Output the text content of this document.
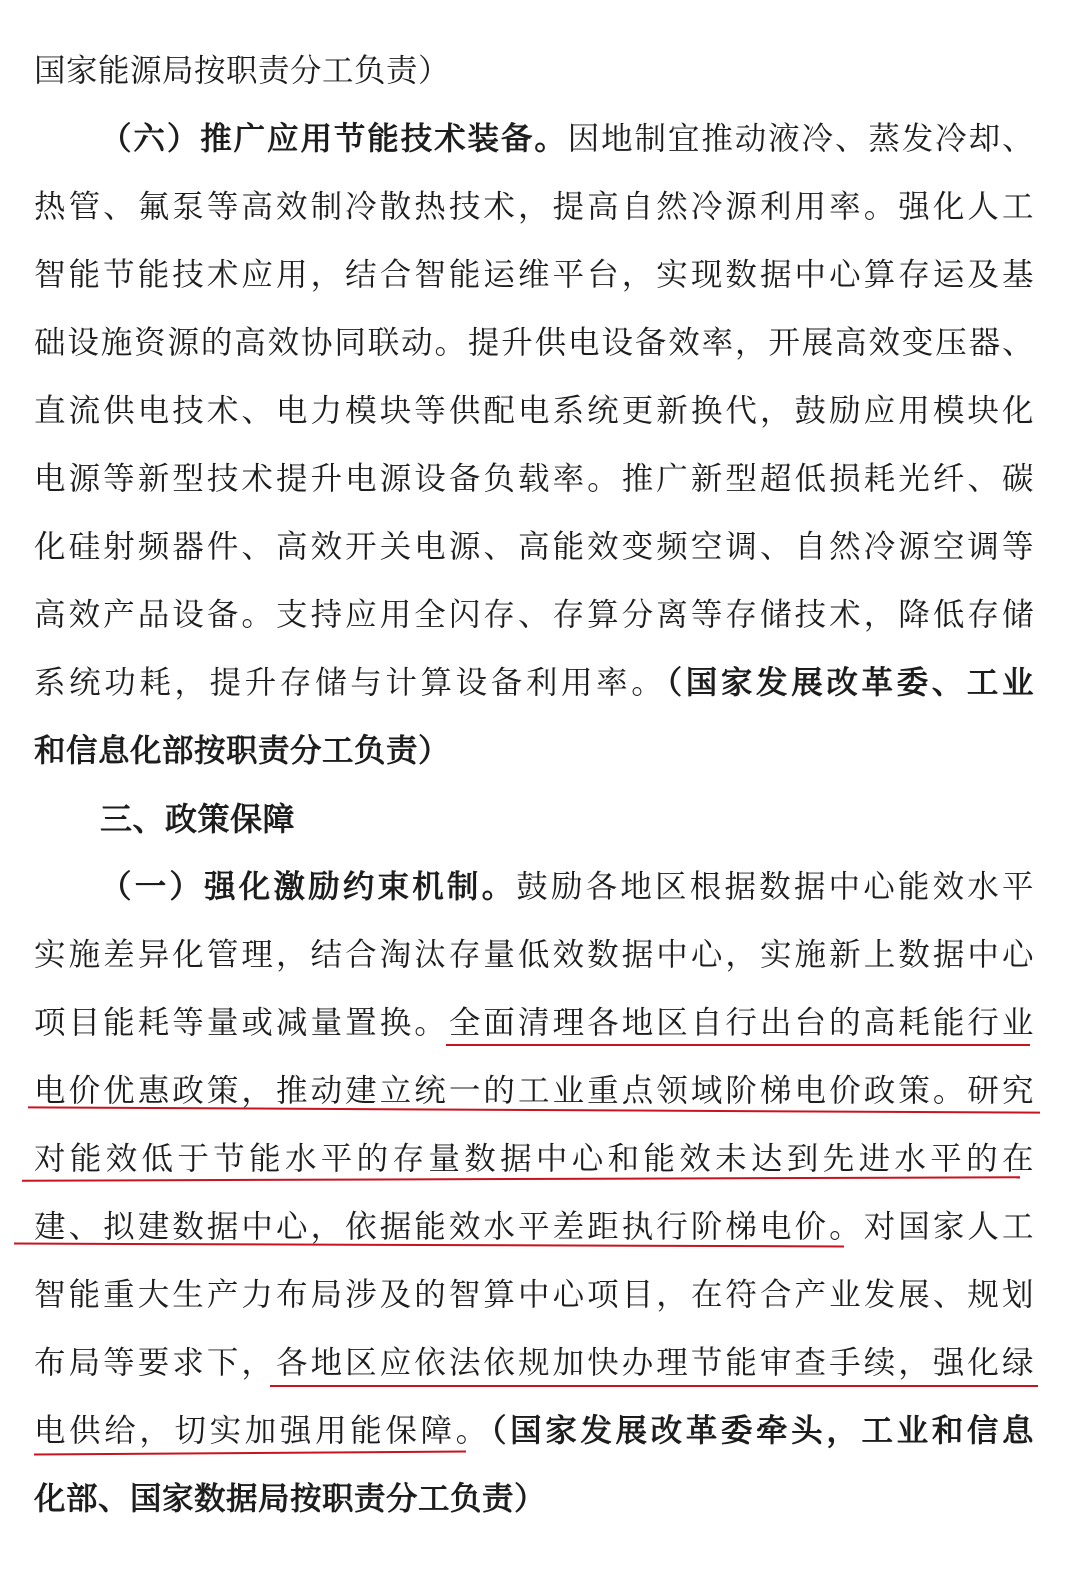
国家能源局按职责分工负责）
（六）推广应用节能技术装备。因地制宜推动液冷、蒸发冷却、
热管、氟泵等高效制冷散热技术，提高自然冷源利用率。强化人工
智能节能技术应用，结合智能运维平台，实现数据中心算存运及基
础设施资源的高效协同联动。提升供电设备效率，开展高效变压器、
直流供电技术、电力模块等供配电系统更新换代，鼓励应用模块化
电源等新型技术提升电源设备负载率。推广新型超低损耗光纤、碳
化硅射频器件、高效开关电源、高能效变频空调、自然冷源空调等
高效产品设备。支持应用全闪存、存算分离等存储技术，降低存储
系统功耗，提升存储与计算设备利用率。（国家发展改革委、工业
和信息化部按职责分工负责）
三、政策保障
（一）强化激励约束机制。鼓励各地区根据数据中心能效水平
实施差异化管理，结合淘汰存量低效数据中心，实施新上数据中心
项目能耗等量或减量置换。全面清理各地区自行出台的高耗能行业
电价优惠政策，推动建立统一的工业重点领域阶梯电价政策。研究
对能效低于节能水平的存量数据中心和能效未达到先进水平的在
建、拟建数据中心，依据能效水平差距执行阶梯电价。对国家人工
智能重大生产力布局涉及的智算中心项目，在符合产业发展、规划
布局等要求下，各地区应依法依规加快办理节能审查手续，强化绿
电供给，切实加强用能保障。（国家发展改革委牵头，工业和信息
化部、国家数据局按职责分工负责）
